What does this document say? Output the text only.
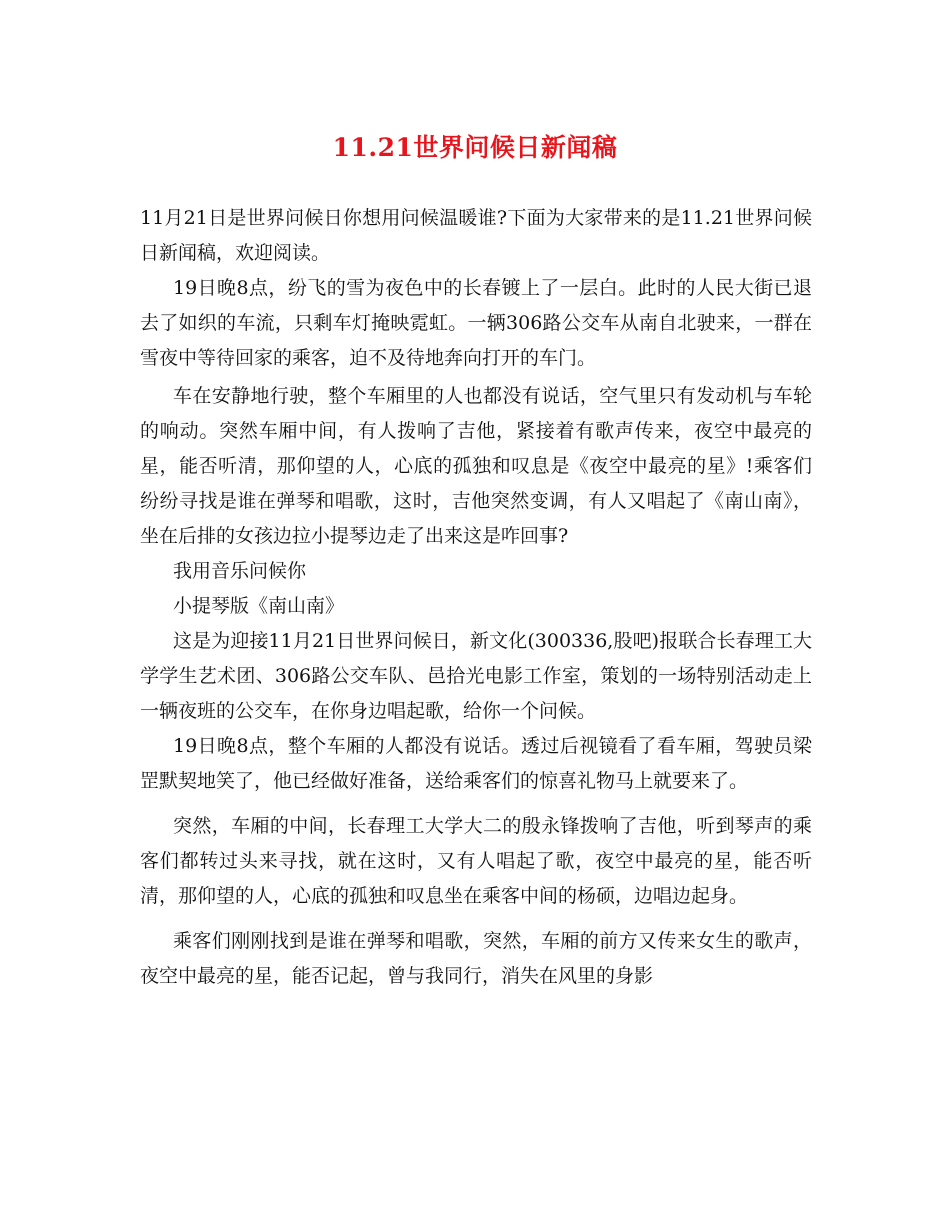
11.21世界问候日新闻稿

11月21日是世界问候日你想用问候温暖谁?下面为大家带来的是11.21世界问候日新闻稿，欢迎阅读。

19日晚8点，纷飞的雪为夜色中的长春镀上了一层白。此时的人民大街已退去了如织的车流，只剩车灯掩映霓虹。一辆306路公交车从南自北驶来，一群在雪夜中等待回家的乘客，迫不及待地奔向打开的车门。

车在安静地行驶，整个车厢里的人也都没有说话，空气里只有发动机与车轮的响动。突然车厢中间，有人拨响了吉他，紧接着有歌声传来，夜空中最亮的星，能否听清，那仰望的人，心底的孤独和叹息是《夜空中最亮的星》!乘客们纷纷寻找是谁在弹琴和唱歌，这时，吉他突然变调，有人又唱起了《南山南》，坐在后排的女孩边拉小提琴边走了出来这是咋回事?

我用音乐问候你

小提琴版《南山南》

这是为迎接11月21日世界问候日，新文化(300336,股吧)报联合长春理工大学学生艺术团、306路公交车队、邑拾光电影工作室，策划的一场特别活动走上一辆夜班的公交车，在你身边唱起歌，给你一个问候。

19日晚8点，整个车厢的人都没有说话。透过后视镜看了看车厢，驾驶员梁罡默契地笑了，他已经做好准备，送给乘客们的惊喜礼物马上就要来了。

突然，车厢的中间，长春理工大学大二的殷永锋拨响了吉他，听到琴声的乘客们都转过头来寻找，就在这时，又有人唱起了歌，夜空中最亮的星，能否听清，那仰望的人，心底的孤独和叹息坐在乘客中间的杨硕，边唱边起身。

乘客们刚刚找到是谁在弹琴和唱歌，突然，车厢的前方又传来女生的歌声，夜空中最亮的星，能否记起，曾与我同行，消失在风里的身影
